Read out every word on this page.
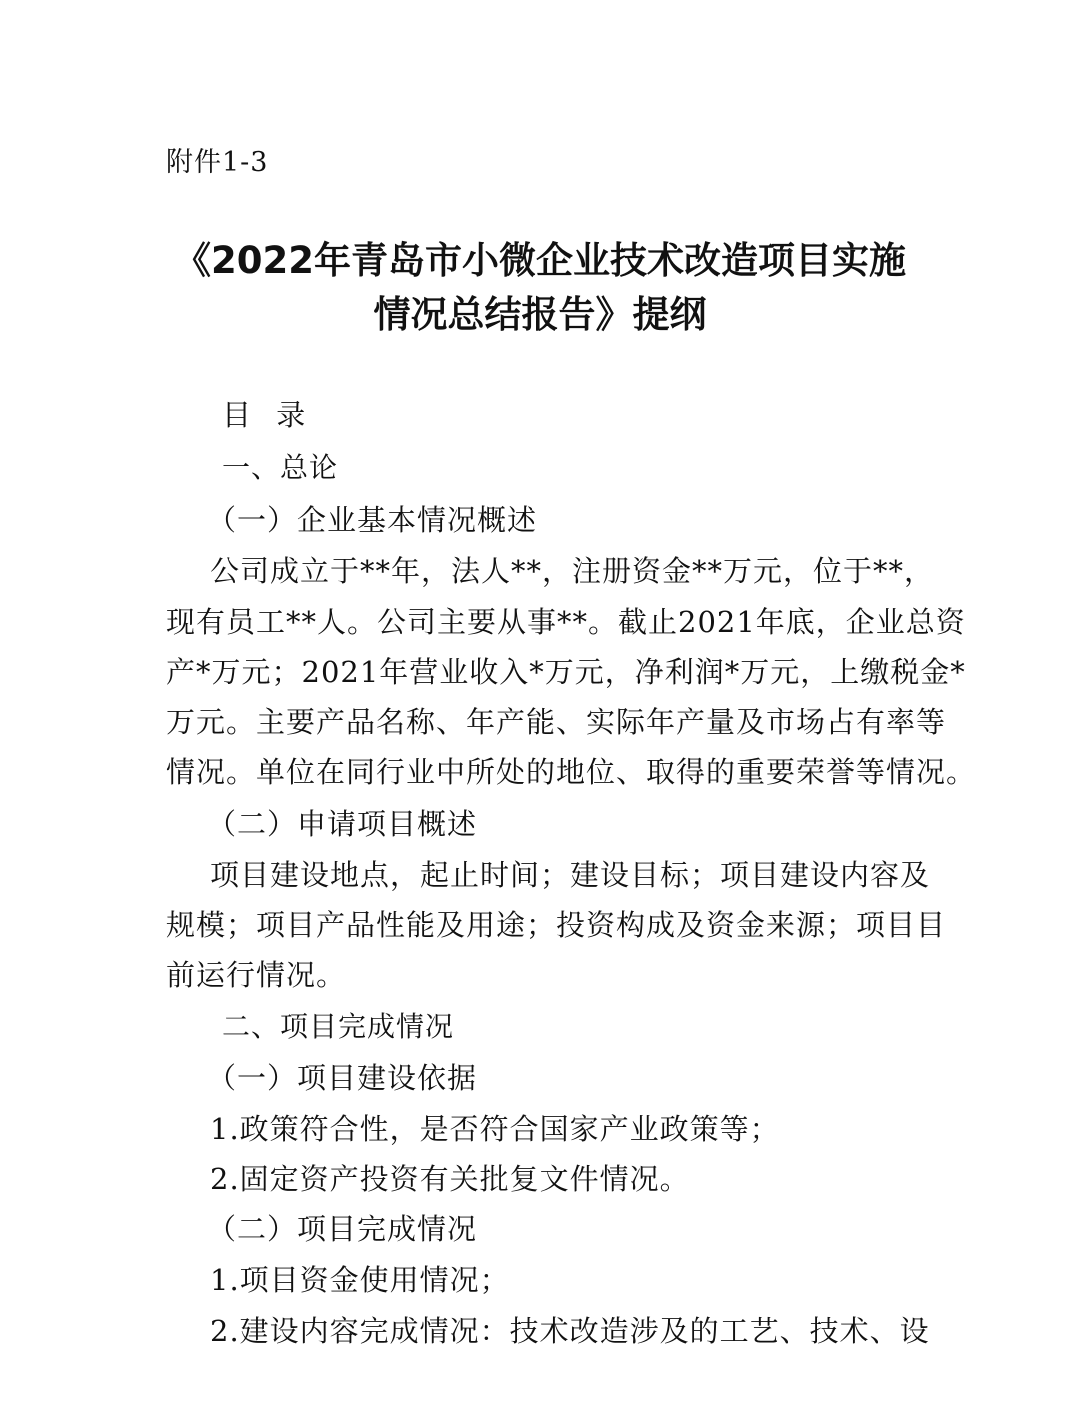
附件1-3
《2022年青岛市小微企业技术改造项目实施
情况总结报告》提纲
目 录
一、总论
（一）企业基本情况概述
公司成立于**年，法人**，注册资金**万元，位于**，
现有员工**人。公司主要从事**。截止2021年底，企业总资
产*万元；2021年营业收入*万元，净利润*万元，上缴税金*
万元。主要产品名称、年产能、实际年产量及市场占有率等
情况。单位在同行业中所处的地位、取得的重要荣誉等情况。
（二）申请项目概述
项目建设地点，起止时间；建设目标；项目建设内容及
规模；项目产品性能及用途；投资构成及资金来源；项目目
前运行情况。
二、项目完成情况
（一）项目建设依据
1.政策符合性，是否符合国家产业政策等；
2.固定资产投资有关批复文件情况。
（二）项目完成情况
1.项目资金使用情况；
2.建设内容完成情况：技术改造涉及的工艺、技术、设
